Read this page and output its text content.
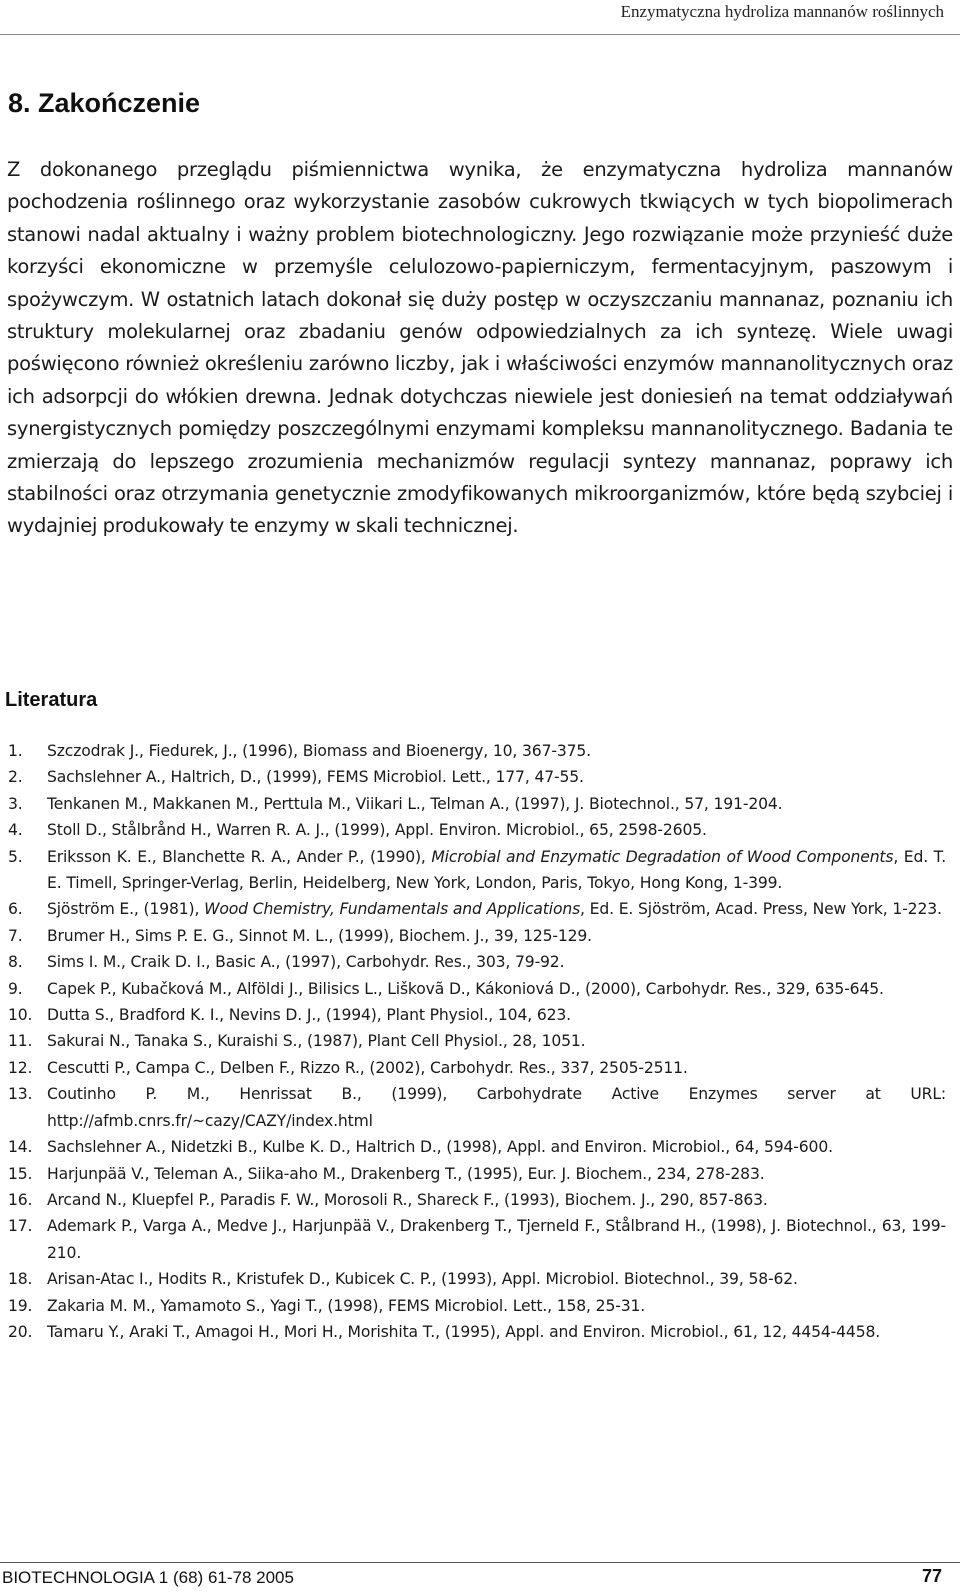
Enzymatyczna hydroliza mannanów roślinnych
8. Zakończenie

Z dokonanego przeglądu piśmiennictwa wynika, że enzymatyczna hydroliza mannanów pochodzenia roślinnego oraz wykorzystanie zasobów cukrowych tkwiących w tych biopolimerach stanowi nadal aktualny i ważny problem biotechnologiczny. Jego rozwiązanie może przynieść duże korzyści ekonomiczne w przemyśle celulozowo-papierniczym, fermentacyjnym, paszowym i spożywczym. W ostatnich latach dokonał się duży postęp w oczyszczaniu mannanaz, poznaniu ich struktury molekularnej oraz zbadaniu genów odpowiedzialnych za ich syntezę. Wiele uwagi poświęcono również określeniu zarówno liczby, jak i właściwości enzymów mannanolitycznych oraz ich adsorpcji do włókien drewna. Jednak dotychczas niewiele jest doniesień na temat oddziaływań synergistycznych pomiędzy poszczególnymi enzymami kompleksu mannanolitycznego. Badania te zmierzają do lepszego zrozumienia mechanizmów regulacji syntezy mannanaz, poprawy ich stabilności oraz otrzymania genetycznie zmodyfikowanych mikroorganizmów, które będą szybciej i wydajniej produkowały te enzymy w skali technicznej.

Literatura
1. Szczodrak J., Fiedurek, J., (1996), Biomass and Bioenergy, 10, 367-375.
2. Sachslehner A., Haltrich, D., (1999), FEMS Microbiol. Lett., 177, 47-55.
3. Tenkanen M., Makkanen M., Perttula M., Viikari L., Telman A., (1997), J. Biotechnol., 57, 191-204.
4. Stoll D., Stålbrånd H., Warren R. A. J., (1999), Appl. Environ. Microbiol., 65, 2598-2605.
5. Eriksson K. E., Blanchette R. A., Ander P., (1990), Microbial and Enzymatic Degradation of Wood Components, Ed. T. E. Timell, Springer-Verlag, Berlin, Heidelberg, New York, London, Paris, Tokyo, Hong Kong, 1-399.
6. Sjöström E., (1981), Wood Chemistry, Fundamentals and Applications, Ed. E. Sjöström, Acad. Press, New York, 1-223.
7. Brumer H., Sims P. E. G., Sinnot M. L., (1999), Biochem. J., 39, 125-129.
8. Sims I. M., Craik D. I., Basic A., (1997), Carbohydr. Res., 303, 79-92.
9. Capek P., Kubačková M., Alföldi J., Bilisics L., Liškovã D., Kákoniová D., (2000), Carbohydr. Res., 329, 635-645.
10. Dutta S., Bradford K. I., Nevins D. J., (1994), Plant Physiol., 104, 623.
11. Sakurai N., Tanaka S., Kuraishi S., (1987), Plant Cell Physiol., 28, 1051.
12. Cescutti P., Campa C., Delben F., Rizzo R., (2002), Carbohydr. Res., 337, 2505-2511.
13. Coutinho P. M., Henrissat B., (1999), Carbohydrate Active Enzymes server at URL: http://afmb.cnrs.fr/~cazy/CAZY/index.html
14. Sachslehner A., Nidetzki B., Kulbe K. D., Haltrich D., (1998), Appl. and Environ. Microbiol., 64, 594-600.
15. Harjunpää V., Teleman A., Siika-aho M., Drakenberg T., (1995), Eur. J. Biochem., 234, 278-283.
16. Arcand N., Kluepfel P., Paradis F. W., Morosoli R., Shareck F., (1993), Biochem. J., 290, 857-863.
17. Ademark P., Varga A., Medve J., Harjunpää V., Drakenberg T., Tjerneld F., Stålbrand H., (1998), J. Biotechnol., 63, 199-210.
18. Arisan-Atac I., Hodits R., Kristufek D., Kubicek C. P., (1993), Appl. Microbiol. Biotechnol., 39, 58-62.
19. Zakaria M. M., Yamamoto S., Yagi T., (1998), FEMS Microbiol. Lett., 158, 25-31.
20. Tamaru Y., Araki T., Amagoi H., Mori H., Morishita T., (1995), Appl. and Environ. Microbiol., 61, 12, 4454-4458.
BIOTECHNOLOGIA 1 (68) 61-78 2005	77
